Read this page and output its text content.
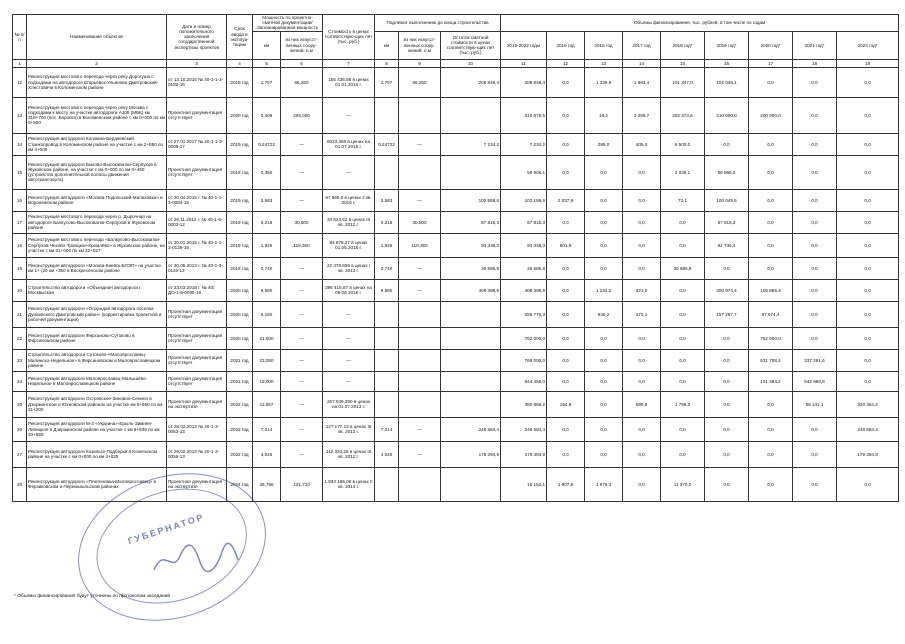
№ п/п	Наименование объектов	Дата и номер положительного заключения государственной экспертизы проектов	Срок ввода в эксплуа-тацию	Мощность по проектно-сметной документации/ Запланированная мощность		Стоимость в ценах соответствую-щих лет (тыс. руб.)	Подлежит выполнению до конца строительства			Объемы финансирования, тыс. рублей, в том числе по годам								
				км	из них искусст-венных соору-жений, п.м		км	из них искусст-венных соору-жений, п.м	Остаток сметной стоимости в ценах соответствую-щих лет (тыс. руб.)	2015-2022 годы	2015 год	2016 год	2017 год	2018 год*	2019 год*	2020 год*	2021 год*	2022 год*

1	2	3	4	5	6	7	8	9	10	11	12	13	14	15	16	17	18	19
12	Реконструкция мостового перехода через реку Дорогуша с подходами на автодороге Егорьевск-Ульяново-Дмитровский-Хлестовичи в Коломенском районе	от 13.10.2016 № 40-1-1-3-0182-16	2019 год	1,757	66,250	155 436,58 в ценах 01.01.2016 г.	1,757	66,250	206 848,4	206 848,4	0,0	1 339,9	1 983,4	101 347,0	102 048,1	0,0	0,0	0,0
13	Реконструкция мостового перехода через реку Москва с подходами к мосту на участке автодороги А108 (МБК) км 318+700 (пос. Боровск) в Коломенском районе с км 0+000 по км 0+550	Проектная документация отсутствует	2020 год	0,409	205,000	—				615 679,5	0,0	19,2	3 286,7	202 373,6	210 000,0	200 000,0	0,0	0,0
14	Реконструкция автодороги Коломна-Бердяевский Стинкопровод в Коломенском районе на участке с км 2+850 по км 4+000	от 27.01.2017 № 40-1-1-3-0006-17	2019 год	0,24722	—	6023,360 в ценах на 01.07.2016 г.	0,24722	—	7 234,2	7 234,2	0,0	289,0	405,2	6 500,0	0,0	0,0	0,0	0,0
15	Реконструкция автодороги Быково-Высоковатки-Серпухов в Жуковском районе, на участке с км 0+000 по км 0+450 (устройство дополнительной полосы движения автотранспорта)	Проектная документация отсутствует	2019 год	0,450	—	—				58 906,1	0,0	0,0	0,0	2 038,1	56 868,0	0,0	0,0	0,0
16	Реконструкция автодороги «Москва-Подольский-Малаховка» в Воронежском районе	от 30.04.2015 г. № 40-1-1-3-0084-15	2019 год	3,583	—	97 865,0 в ценах 2 кв. 2015 г.	3,583	—	102 559,6	102 159,6	2 037,9	0,0	0,0	72,1	100 049,6	0,0	0,0	0,0
17	Реконструкция мостового перехода через р. Дырочная на автодороге Балкусово-Высоковатки-Серпухов в Жуковском районе	от 29.11.2012 г. № 40-1-5-0003-12	2019 год	0,216	30,500	33 523,52 в ценах III кв. 2012 г.	0,216	30,500	57 815,3	57 815,3	0,0	0,0	0,0	0,0	57 815,3	0,0	0,0	0,0
18	Реконструкция мостового перехода «Балкусово-Высоковатки-Серпухов-Чехово-Троицкое-Кремлёво» в Жуковском районе, на участке с км 31+000 по км 32+027	от 30.01.2015 г. № 40-1-1-3-0126-15	2019 год	1,926	119,350	84 678,27 в ценах 01.05.2015 г.	1,926	119,350	93 338,3	93 338,3	601,9	0,0	0,0	0,0	92 736,4	0,0	0,0	0,0
19	Реконструкция автодороги «Москва-Киевск-БЛЭП» на участке км 1+ (20 км +350 в Воскресенском районе	от 30.05.2013 г. № 40-1-3-0119-13	2019 год	0,740	—	22 378,659 в ценах I кв. 2013 г.	0,740	—	26 685,8	26 685,8	0,0	0,0	0,0	26 685,8	0,0	0,0	0,0	0,0
20	Строительство автодороги «Объездная автодорога г. Москвыская	от 23.03.2016 г. № 40/ДО-1-6-0035-16	2020 год	9,580	—	398 416,87 в ценах на 06.06.2016 г.	9,580	—	408 399,9	408 399,9	0,0	1 234,2	321,0	0,0	300 974,4	105 865,3	0,0	0,0
21	Реконструкция автодороги «Осруждая автодорога поселка Дунаевского Дмитровский район» (корректировка проектной и рабочей документации)	Проектная документация отсутствует	2020 год	5,150	—	—				255 775,3	0,0	640,2	172,1	0,0	157 287,7	97 674,4	0,0	0,0
22	Реконструкция автодороги Фирсаново-Сутоково в Фирсановском районе	Проектная документация отсутствует	2020 год	21,500	—	—				762 000,0	0,0	0,0	0,0	0,0	0,0	762 000,0	0,0	0,0
23	Строительство автодороги Сутоково-«Малоярославец-Малинско-Недельное» в Фирсановском и Малоярославецком районе	Проектная документация отсутствует	2021 год	23,050	—	—				769 000,0	0,0	0,0	0,0	0,0	0,0	531 708,4	237 291,6	0,0
24	Реконструкция автодороги Малоярославец-Малышево-Недельное в Малоярославецком районе	Проектная документация отсутствует	2021 год	18,000	—	—				644 455,0	0,0	0,0	0,0	0,0	0,0	101 484,2	542 960,8	0,0
25	Реконструкция автодороги Островское-Зиновно-Сенино в Дзержинском и Юхновском районах на участке км 9+550 по км 21+200	Проектная документация на экспертизе	2022 год	11,657	—	267 049,290 в ценах на 01.07.2013 г.				380 866,2	194,9	0,0	580,8	1 795,2	0,0	0,0	58 141,1	320 354,2
26	Реконструкция автодороги М-3 «Украина»-Ерыль-Зимняя-Липицкое в Дзержинском районе на участке с км 8+839 по км 20+650	от 28.02.2013 № 40-1-3-0053-13	2022 год	7,014	—	127 177,13 в ценах III кв. 2012 г.	7,014	—	248 684,4	248 684,4	0,0	0,0	0,0	0,0	0,0	0,0	0,0	248 684,4
27	Реконструкция автодороги Козельск-Подборки в Козельском районе на участке с км 0+000 по км 4+025	от 26.02.2013 № 40-1-3-0056-13	2022 год	4,025	—	112 333,25 в ценах III кв. 2012 г.	4,025	—	179 394,9	179 394,9	0,0	0,0	0,0	0,0	0,0	0,0	0,0	179 394,9
28	Реконструкция автодороги «Плетеневка-Малоярославец» в Ферзиковском и Перемышльском районах	Проектная документация на экспертизе	2024 год	26,796	131,710	1 933 166,06 в ценах II кв. 2014 г.				15 153,1	1 907,8	1 875,3	0,0	11 370,0	0,0	0,0	0,0	0,0
ГУБЕРНАТОР
* Объемы финансирования будут уточнены по протоколам заседаний
